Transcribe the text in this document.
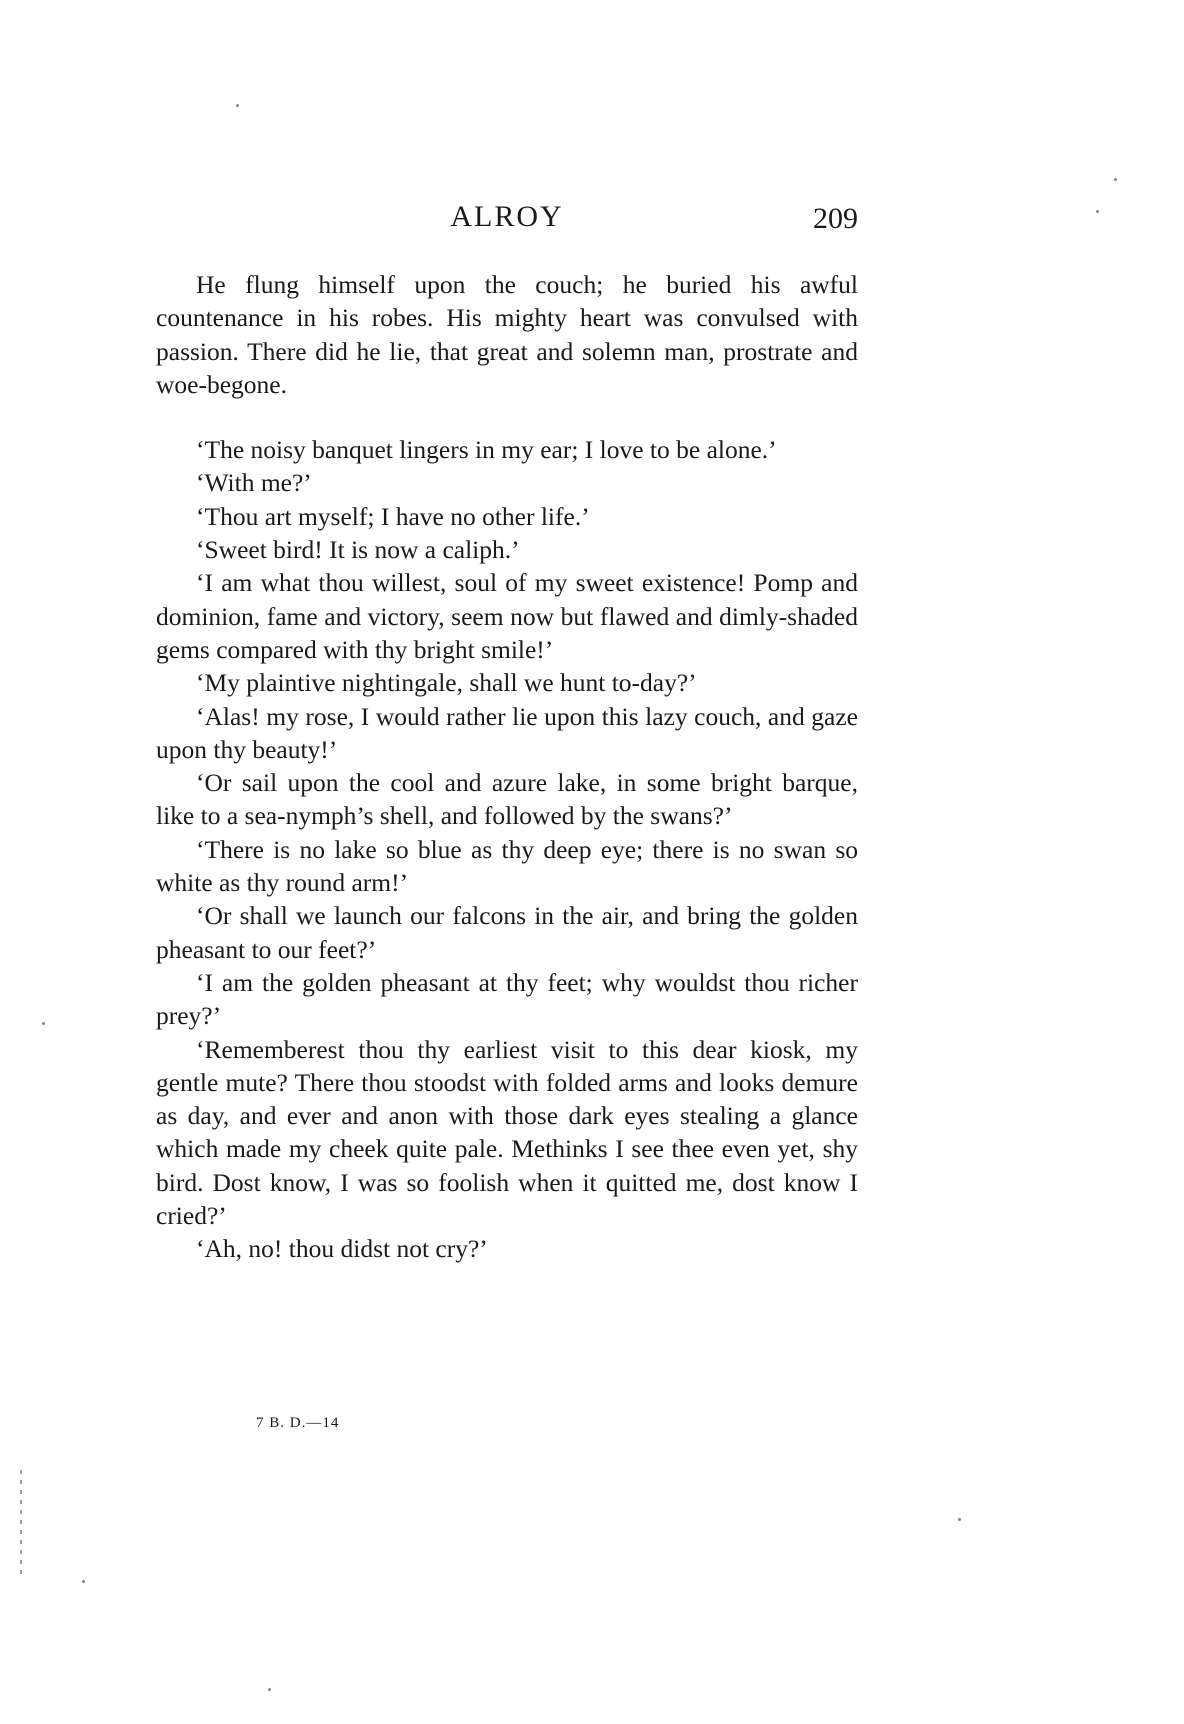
ALROY	209

He flung himself upon the couch; he buried his awful countenance in his robes. His mighty heart was convulsed with passion. There did he lie, that great and solemn man, prostrate and woe-begone.

‘The noisy banquet lingers in my ear; I love to be alone.’

‘With me?’

‘Thou art myself; I have no other life.’

‘Sweet bird! It is now a caliph.’

‘I am what thou willest, soul of my sweet existence! Pomp and dominion, fame and victory, seem now but flawed and dimly-shaded gems compared with thy bright smile!’

‘My plaintive nightingale, shall we hunt to-day?’

‘Alas! my rose, I would rather lie upon this lazy couch, and gaze upon thy beauty!’

‘Or sail upon the cool and azure lake, in some bright barque, like to a sea-nymph’s shell, and followed by the swans?’

‘There is no lake so blue as thy deep eye; there is no swan so white as thy round arm!’

‘Or shall we launch our falcons in the air, and bring the golden pheasant to our feet?’

‘I am the golden pheasant at thy feet; why wouldst thou richer prey?’

‘Rememberest thou thy earliest visit to this dear kiosk, my gentle mute? There thou stoodst with folded arms and looks demure as day, and ever and anon with those dark eyes stealing a glance which made my cheek quite pale. Methinks I see thee even yet, shy bird. Dost know, I was so foolish when it quitted me, dost know I cried?’

‘Ah, no! thou didst not cry?’

7 B. D.—14
